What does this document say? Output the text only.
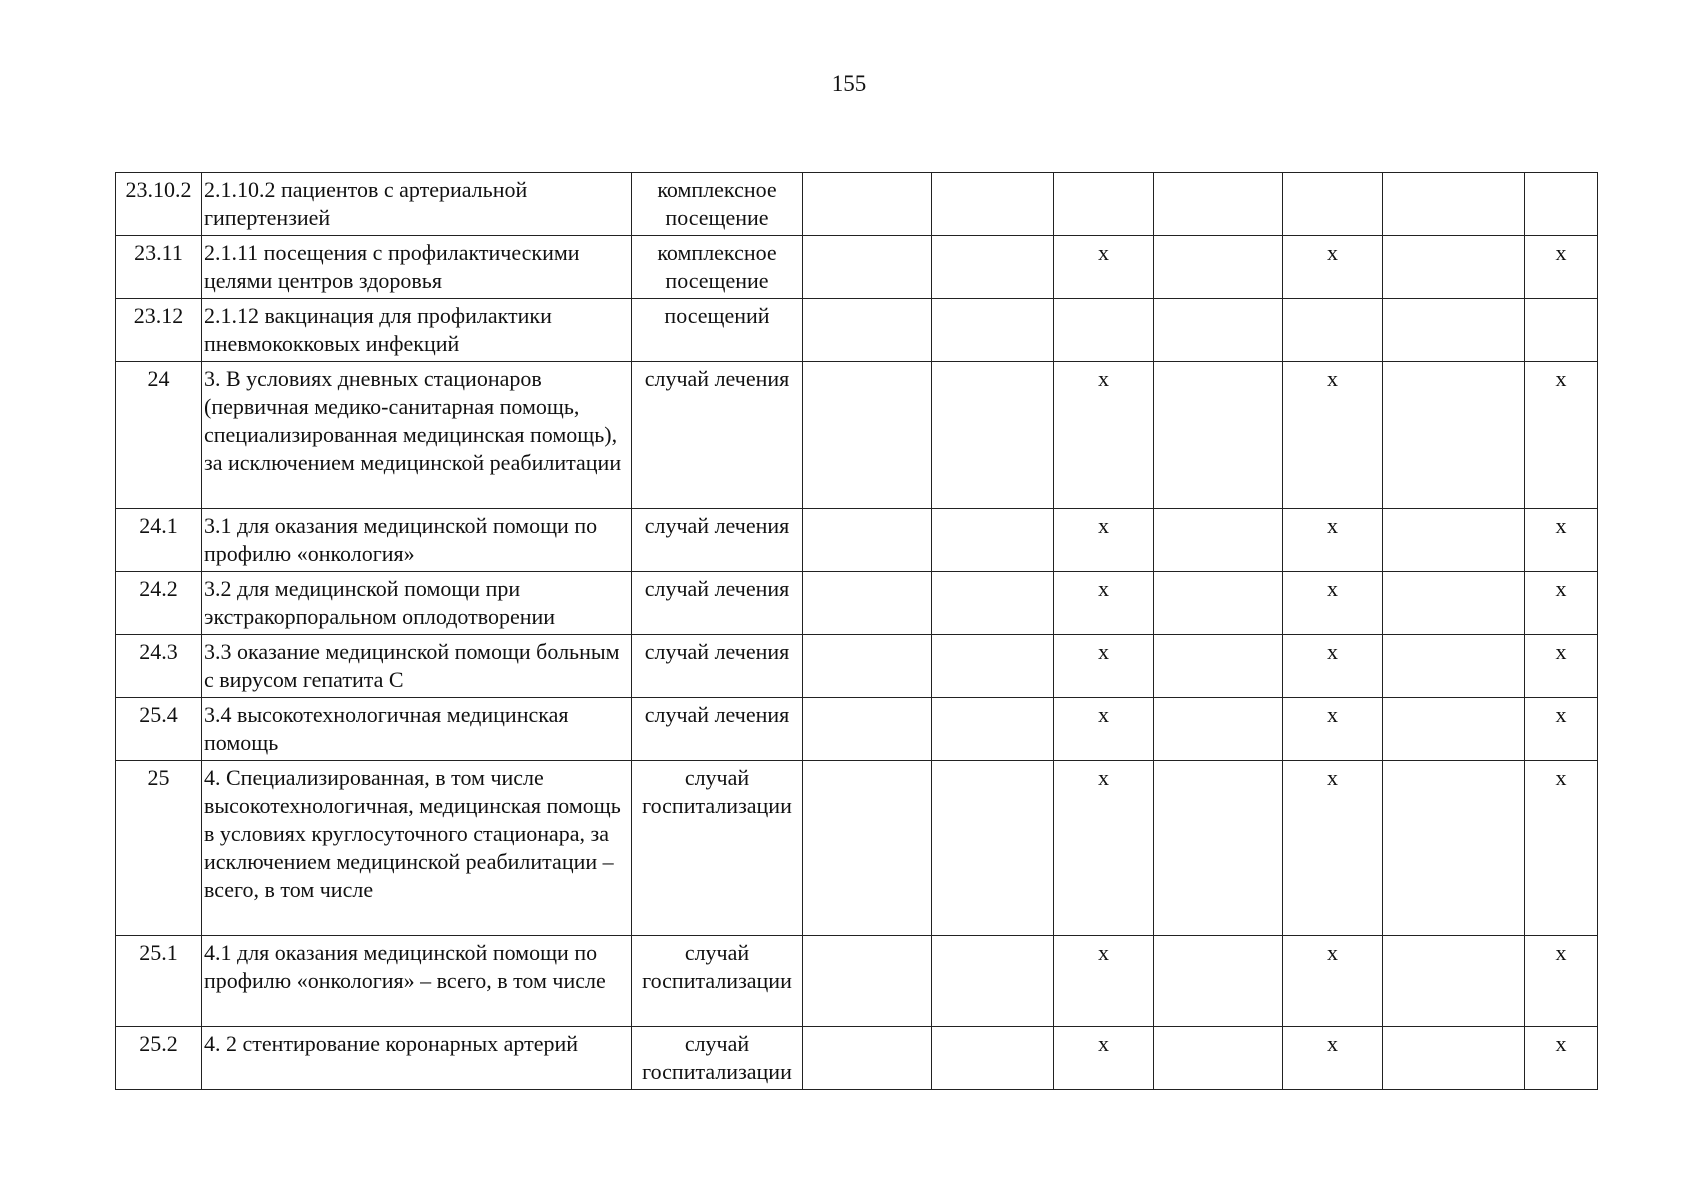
155
23.10.2	2.1.10.2 пациентов с артериальной гипертензией	комплексное посещение							
23.11	2.1.11 посещения с профилактическими целями центров здоровья	комплексное посещение			х		х		х
23.12	2.1.12 вакцинация для профилактики пневмококковых инфекций	посещений							
24	3. В условиях дневных стационаров (первичная медико-санитарная помощь, специализированная медицинская помощь), за исключением медицинской реабилитации	случай лечения			х		х		х
24.1	3.1 для оказания медицинской помощи по профилю «онкология»	случай лечения			х		х		х
24.2	3.2 для медицинской помощи при экстракорпоральном оплодотворении	случай лечения			х		х		х
24.3	3.3 оказание медицинской помощи больным с вирусом гепатита С	случай лечения			х		х		х
25.4	3.4 высокотехнологичная медицинская помощь	случай лечения			х		х		х
25	4. Специализированная, в том числе высокотехнологичная, медицинская помощь в условиях круглосуточного стационара, за исключением медицинской реабилитации – всего, в том числе	случай госпитализации			х		х		х
25.1	4.1 для оказания медицинской помощи по профилю «онкология» – всего, в том числе	случай госпитализации			х		х		х
25.2	4. 2 стентирование коронарных артерий	случай госпитализации			х		х		х
